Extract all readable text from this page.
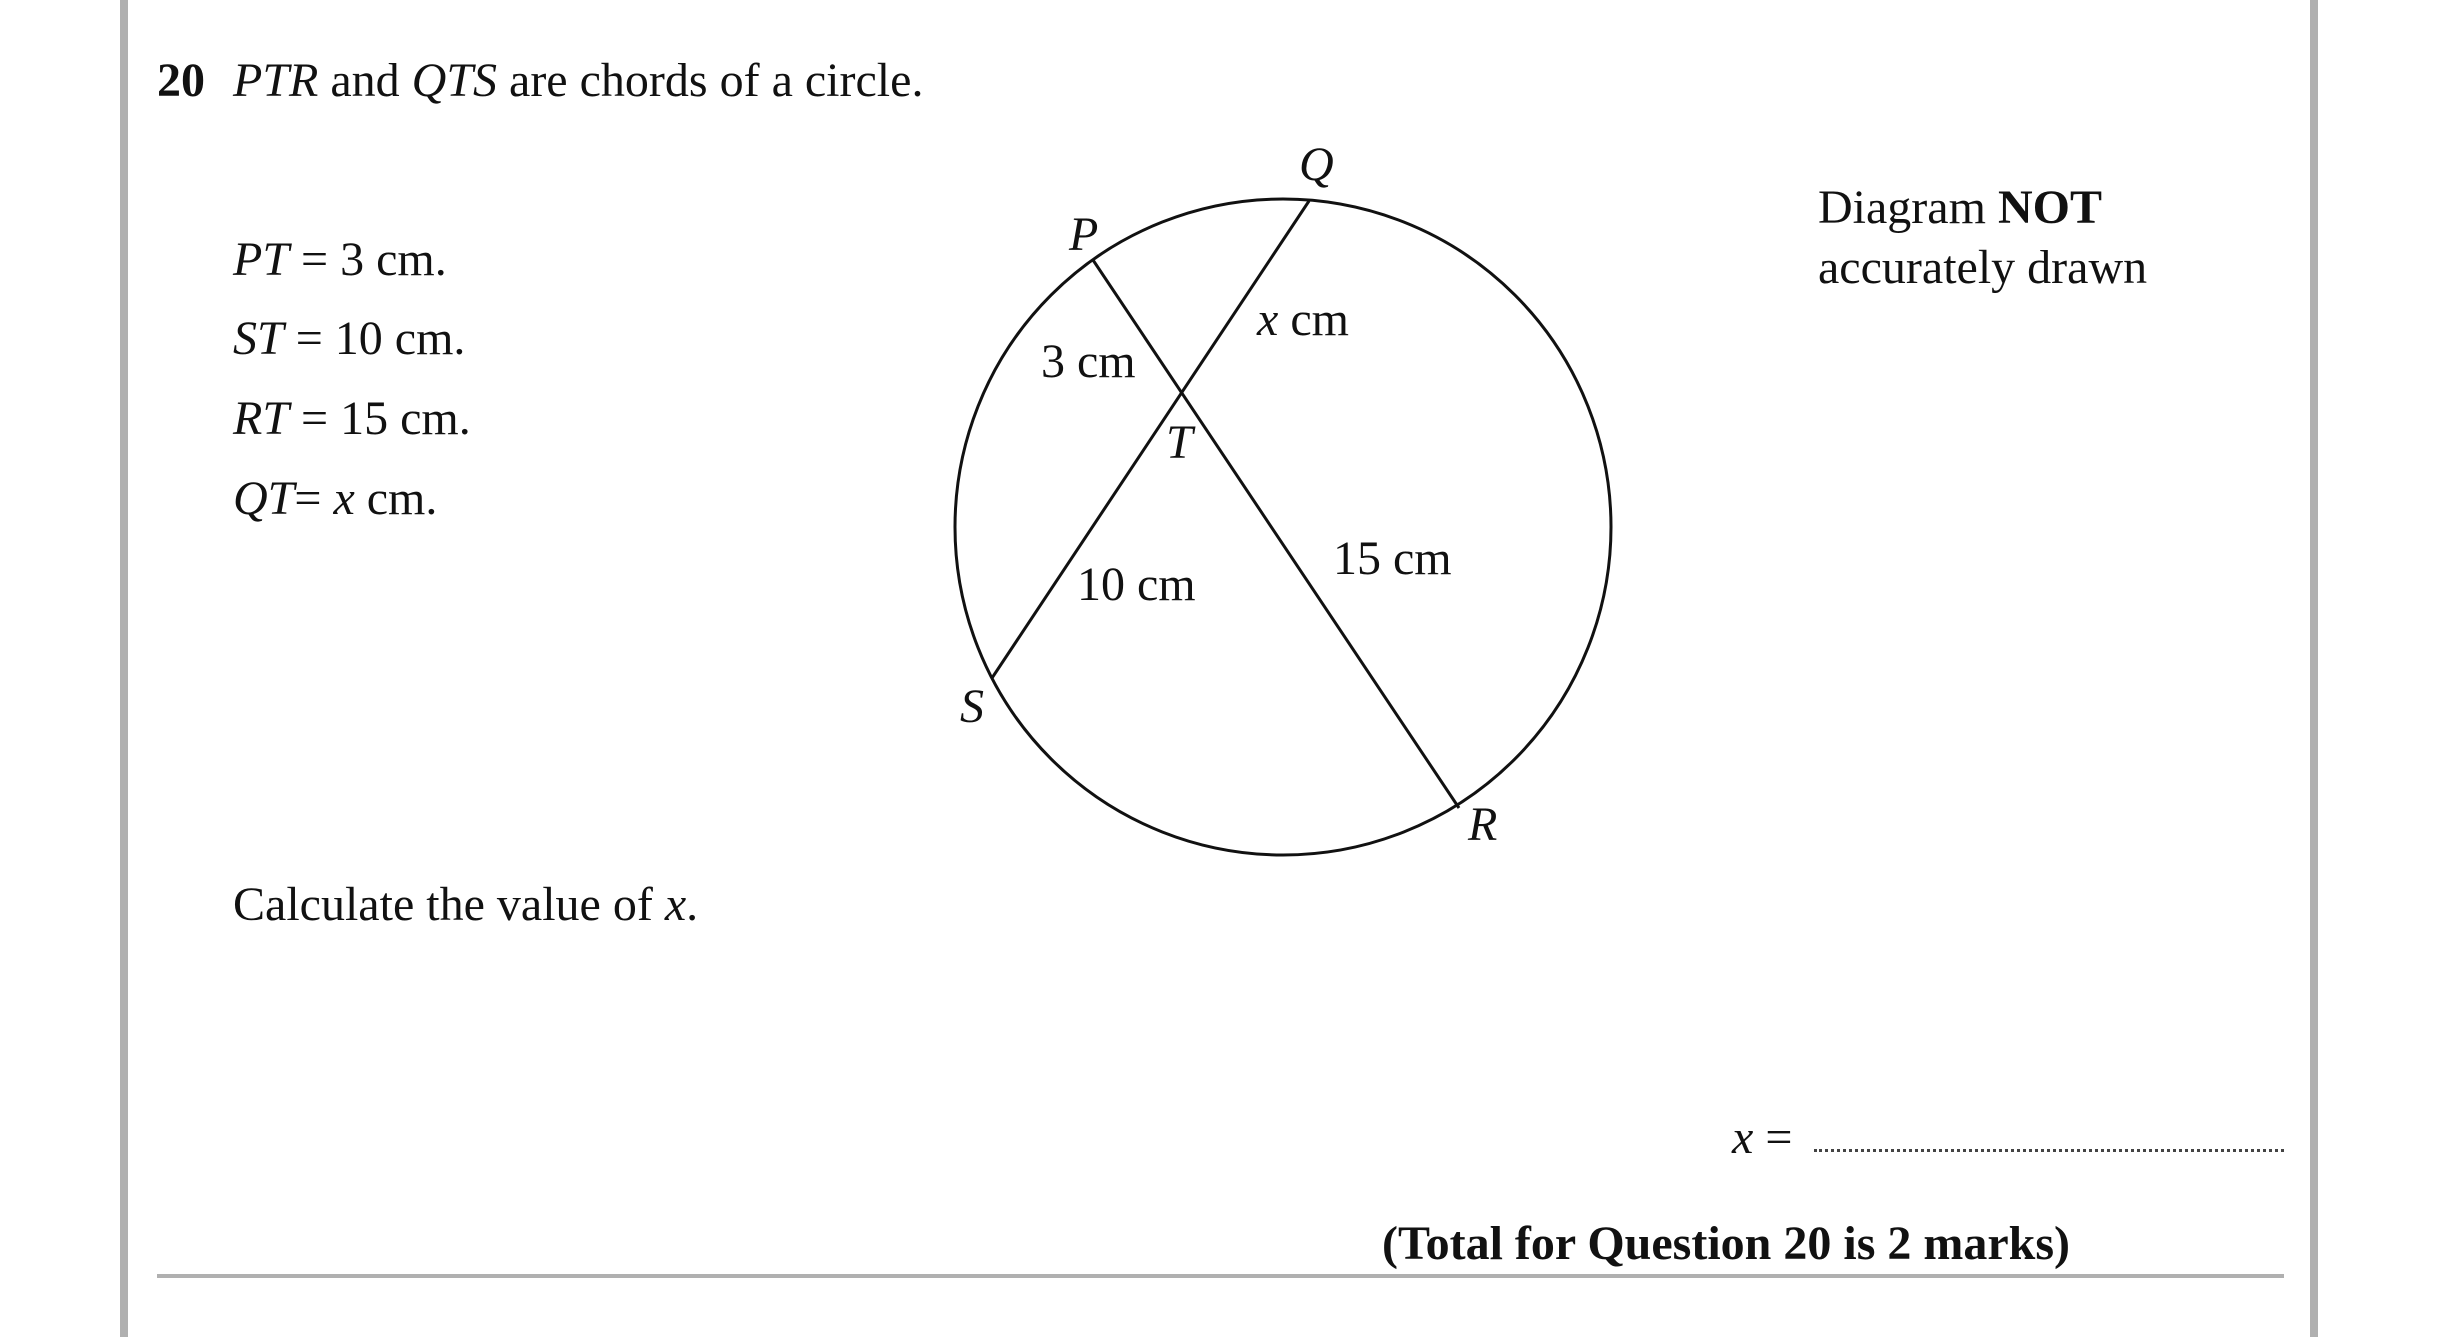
20 PTR and QTS are chords of a circle.
PT = 3 cm.
ST = 10 cm.
RT = 15 cm.
QT= x cm.
Diagram NOT
accurately drawn
P
Q
R
S
T
3 cm
x cm
10 cm	15 cm
Calculate the value of x.
x =
(Total for Question 20 is 2 marks)
